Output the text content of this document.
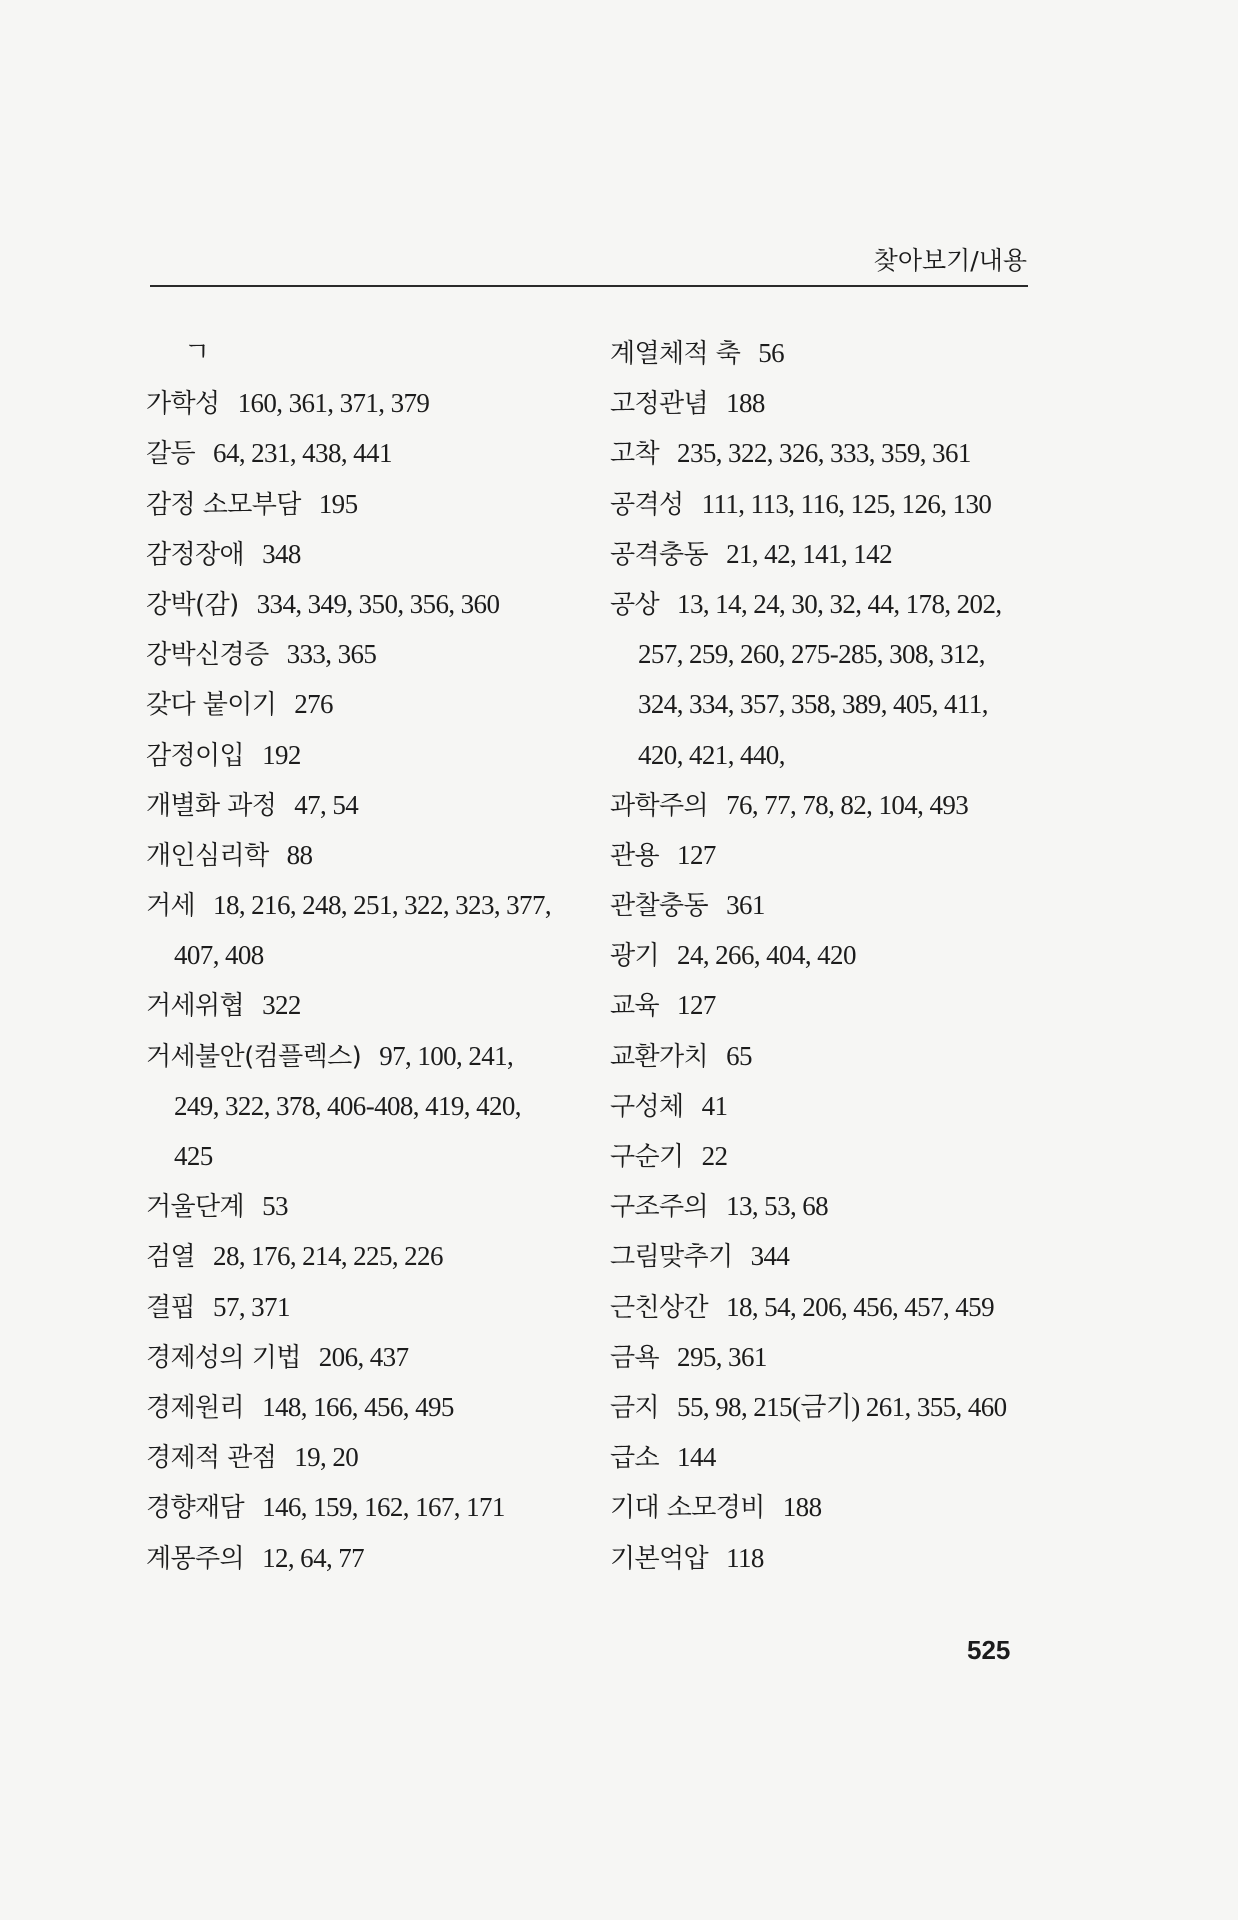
찾아보기/내용
ㄱ
가학성 160, 361, 371, 379
갈등 64, 231, 438, 441
감정 소모부담 195
감정장애 348
강박(감) 334, 349, 350, 356, 360
강박신경증 333, 365
갖다 붙이기 276
감정이입 192
개별화 과정 47, 54
개인심리학 88
거세 18, 216, 248, 251, 322, 323, 377,
407, 408
거세위협 322
거세불안(컴플렉스) 97, 100, 241,
249, 322, 378, 406-408, 419, 420,
425
거울단계 53
검열 28, 176, 214, 225, 226
결핍 57, 371
경제성의 기법 206, 437
경제원리 148, 166, 456, 495
경제적 관점 19, 20
경향재담 146, 159, 162, 167, 171
계몽주의 12, 64, 77
계열체적 축 56
고정관념 188
고착 235, 322, 326, 333, 359, 361
공격성 111, 113, 116, 125, 126, 130
공격충동 21, 42, 141, 142
공상 13, 14, 24, 30, 32, 44, 178, 202,
257, 259, 260, 275-285, 308, 312,
324, 334, 357, 358, 389, 405, 411,
420, 421, 440,
과학주의 76, 77, 78, 82, 104, 493
관용 127
관찰충동 361
광기 24, 266, 404, 420
교육 127
교환가치 65
구성체 41
구순기 22
구조주의 13, 53, 68
그림맞추기 344
근친상간 18, 54, 206, 456, 457, 459
금욕 295, 361
금지 55, 98, 215(금기) 261, 355, 460
급소 144
기대 소모경비 188
기본억압 118
525
